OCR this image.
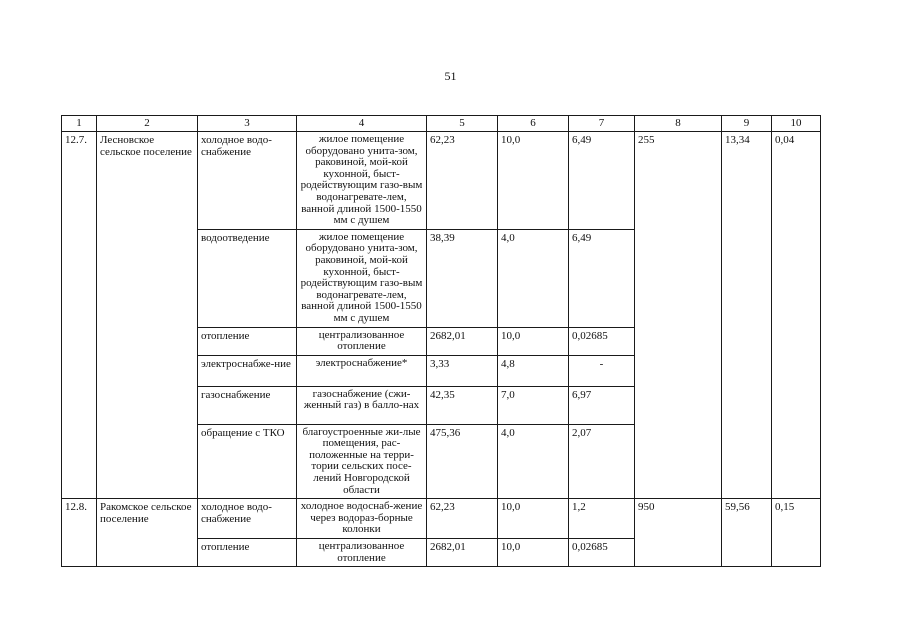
51
1	2	3	4	5	6	7	8	9	10
12.7.	Лесновское сельское поселение	холодное водо-снабжение	жилое помещение оборудовано унита-зом, раковиной, мой-кой кухонной, быст-родействующим газо-вым водонагревате-лем, ванной длиной 1500-1550 мм с душем	62,23	10,0	6,49	255	13,34	0,04
		водоотведение	жилое помещение оборудовано унита-зом, раковиной, мой-кой кухонной, быст-родействующим газо-вым водонагревате-лем, ванной длиной 1500-1550 мм с душем	38,39	4,0	6,49			
		отопление	централизованное отопление	2682,01	10,0	0,02685			
		электроснабже-ние	электроснабжение*	3,33	4,8	-			
		газоснабжение	газоснабжение (сжи-женный газ) в балло-нах	42,35	7,0	6,97			
		обращение с ТКО	благоустроенные жи-лые помещения, рас-положенные на терри-тории сельских посе-лений Новгородской области	475,36	4,0	2,07			
12.8.	Ракомское сельское поселение	холодное водо-снабжение	холодное водоснаб-жение через водораз-борные колонки	62,23	10,0	1,2	950	59,56	0,15
		отопление	централизованное отопление	2682,01	10,0	0,02685			
